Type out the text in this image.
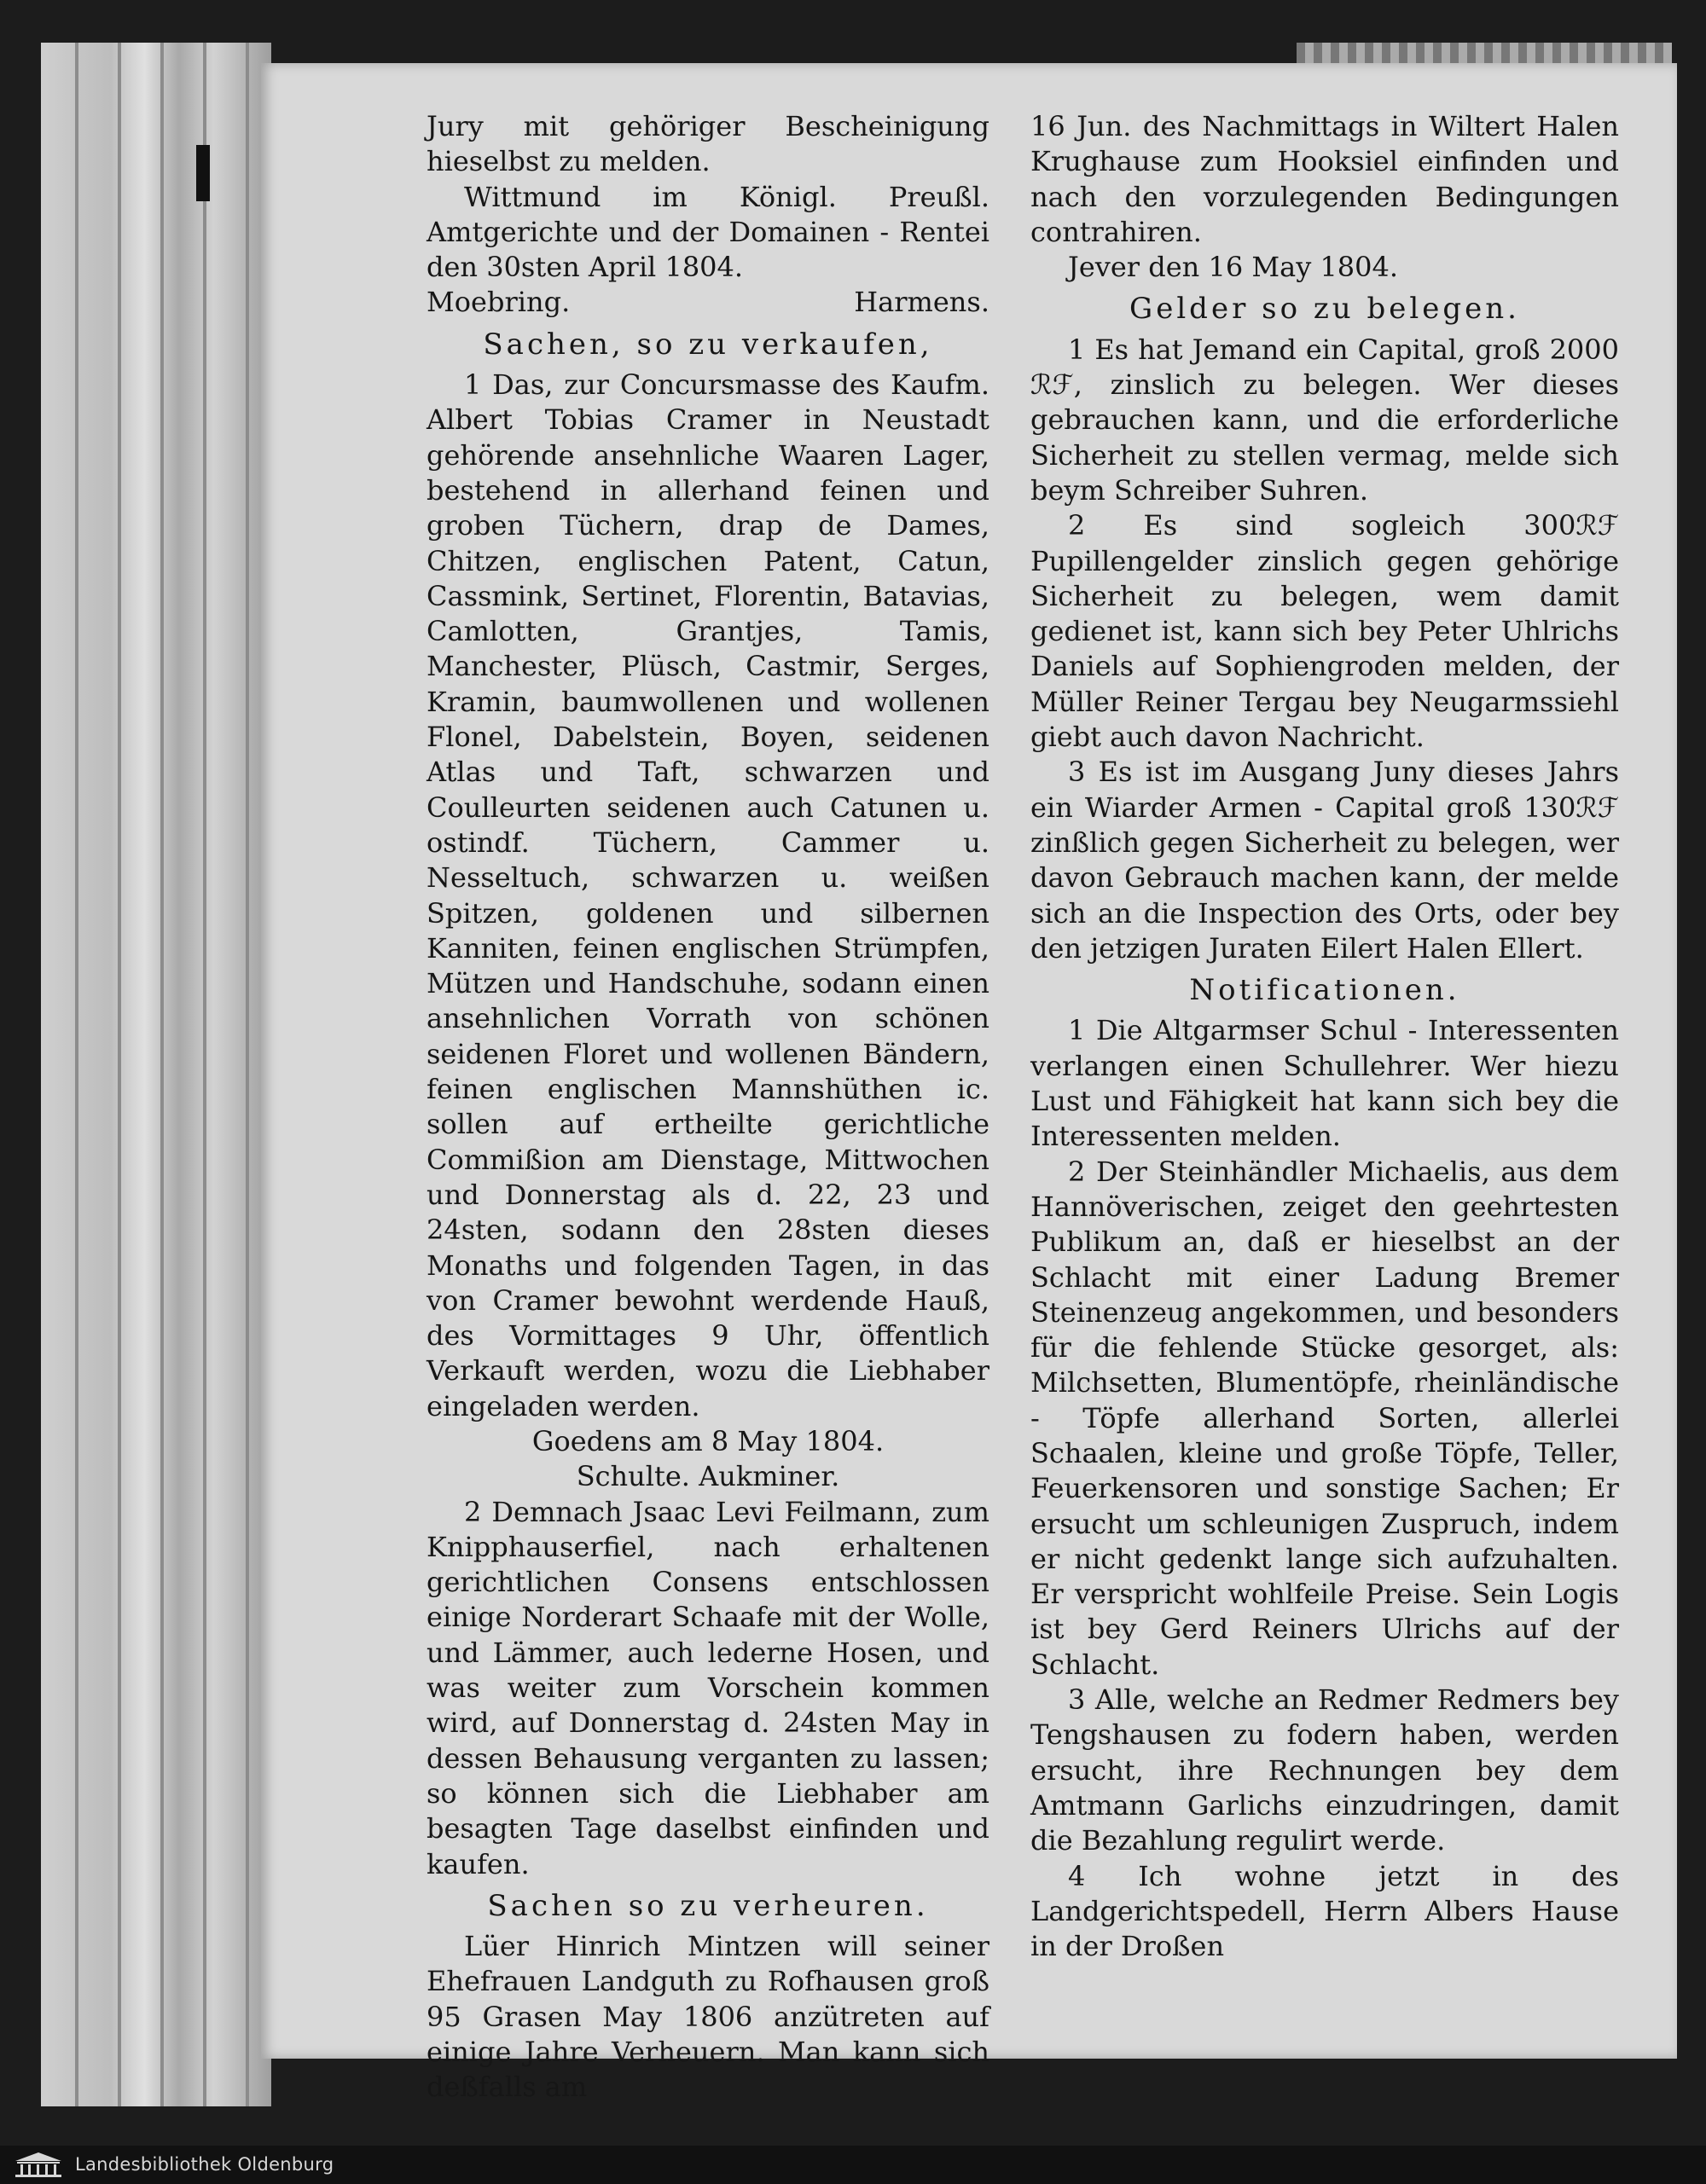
Jury mit gehöriger Bescheinigung hieselbst zu melden.

Wittmund im Königl. Preußl. Amtgerichte und der Domainen - Rentei den 30sten April 1804.

Moebring.	Harmens.

Sachen, so zu verkaufen,

1 Das, zur Concursmasse des Kaufm. Albert Tobias Cramer in Neustadt gehörende ansehnliche Waaren Lager, bestehend in allerhand feinen und groben Tüchern, drap de Dames, Chitzen, englischen Patent, Catun, Cassmink, Sertinet, Florentin, Batavias, Camlotten, Grantjes, Tamis, Manchester, Plüsch, Castmir, Serges, Kramin, baumwollenen und wollenen Flonel, Dabelstein, Boyen, seidenen Atlas und Taft, schwarzen und Coulleurten seidenen auch Catunen u. ostindf. Tüchern, Cammer u. Nesseltuch, schwarzen u. weißen Spitzen, goldenen und silbernen Kanniten, feinen englischen Strümpfen, Mützen und Handschuhe, sodann einen ansehnlichen Vorrath von schönen seidenen Floret und wollenen Bändern, feinen englischen Mannshüthen ic. sollen auf ertheilte gerichtliche Commißion am Dienstage, Mittwochen und Donnerstag als d. 22, 23 und 24sten, sodann den 28sten dieses Monaths und folgenden Tagen, in das von Cramer bewohnt werdende Hauß, des Vormittages 9 Uhr, öffentlich Verkauft werden, wozu die Liebhaber eingeladen werden.

Goedens am 8 May 1804.

Schulte. Aukminer.

2 Demnach Jsaac Levi Feilmann, zum Knipphauserfiel, nach erhaltenen gerichtlichen Consens entschlossen einige Norderart Schaafe mit der Wolle, und Lämmer, auch lederne Hosen, und was weiter zum Vorschein kommen wird, auf Donnerstag d. 24sten May in dessen Behausung verganten zu lassen; so können sich die Liebhaber am besagten Tage daselbst einfinden und kaufen.

Sachen so zu verheuren.

Lüer Hinrich Mintzen will seiner Ehefrauen Landguth zu Rofhausen groß 95 Grasen May 1806 anzütreten auf einige Jahre Verheuern. Man kann sich deßfalls am

16 Jun. des Nachmittags in Wiltert Halen Krughause zum Hooksiel einfinden und nach den vorzulegenden Bedingungen contrahiren.

Jever den 16 May 1804.

Gelder so zu belegen.

1 Es hat Jemand ein Capital, groß 2000 ℛℱ, zinslich zu belegen. Wer dieses gebrauchen kann, und die erforderliche Sicherheit zu stellen vermag, melde sich beym Schreiber Suhren.

2 Es sind sogleich 300ℛℱ Pupillengelder zinslich gegen gehörige Sicherheit zu belegen, wem damit gedienet ist, kann sich bey Peter Uhlrichs Daniels auf Sophiengroden melden, der Müller Reiner Tergau bey Neugarmssiehl giebt auch davon Nachricht.

3 Es ist im Ausgang Juny dieses Jahrs ein Wiarder Armen - Capital groß 130ℛℱ zinßlich gegen Sicherheit zu belegen, wer davon Gebrauch machen kann, der melde sich an die Inspection des Orts, oder bey den jetzigen Juraten Eilert Halen Ellert.

Notificationen.

1 Die Altgarmser Schul - Interessenten verlangen einen Schullehrer. Wer hiezu Lust und Fähigkeit hat kann sich bey die Interessenten melden.

2 Der Steinhändler Michaelis, aus dem Hannöverischen, zeiget den geehrtesten Publikum an, daß er hieselbst an der Schlacht mit einer Ladung Bremer Steinenzeug angekommen, und besonders für die fehlende Stücke gesorget, als: Milchsetten, Blumentöpfe, rheinländische - Töpfe allerhand Sorten, allerlei Schaalen, kleine und große Töpfe, Teller, Feuerkensoren und sonstige Sachen; Er ersucht um schleunigen Zuspruch, indem er nicht gedenkt lange sich aufzuhalten. Er verspricht wohlfeile Preise. Sein Logis ist bey Gerd Reiners Ulrichs auf der Schlacht.

3 Alle, welche an Redmer Redmers bey Tengshausen zu fodern haben, werden ersucht, ihre Rechnungen bey dem Amtmann Garlichs einzudringen, damit die Bezahlung regulirt werde.

4 Ich wohne jetzt in des Landgerichtspedell, Herrn Albers Hause in der Droßen

Landesbibliothek Oldenburg
